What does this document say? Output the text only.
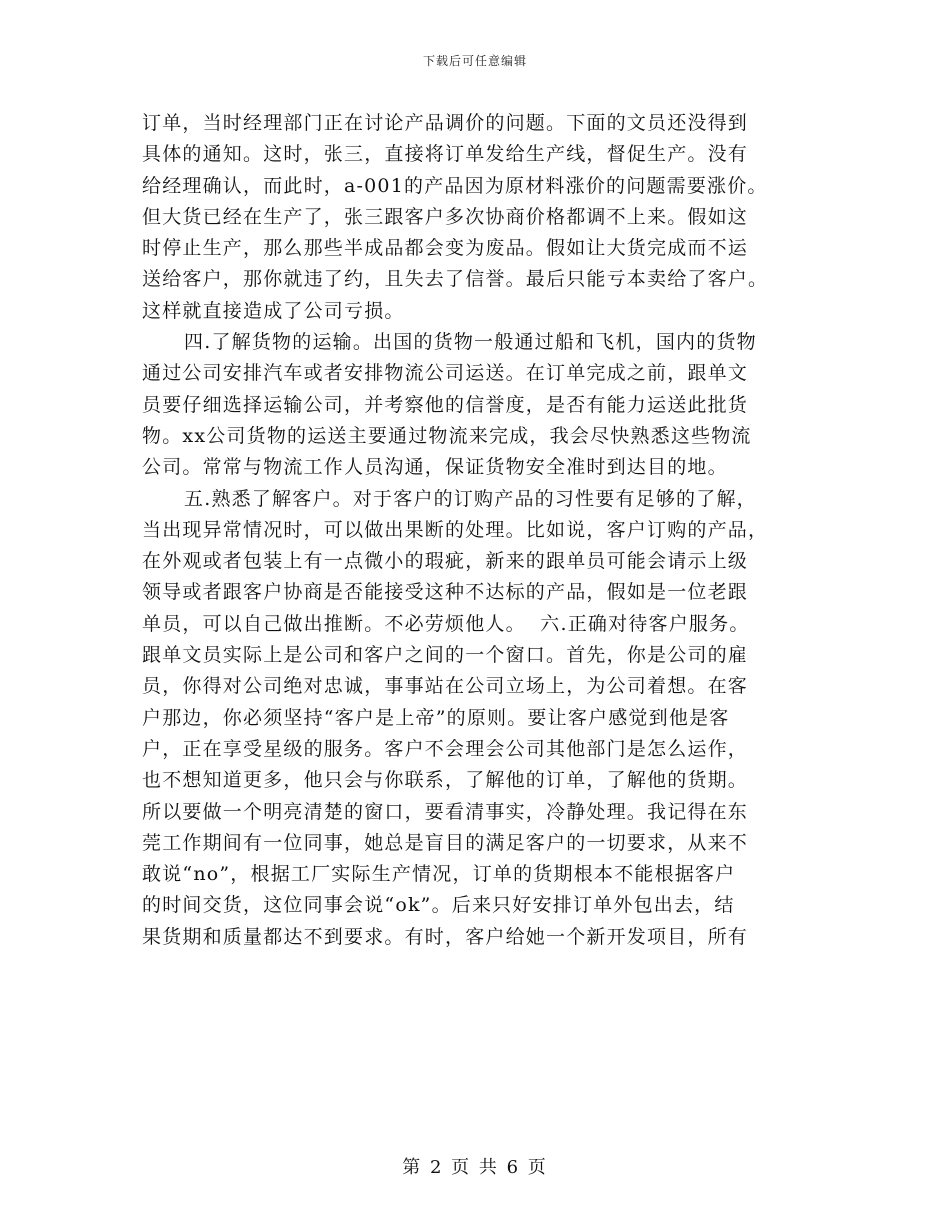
下载后可任意编辑
订单，当时经理部门正在讨论产品调价的问题。下面的文员还没得到
具体的通知。这时，张三，直接将订单发给生产线，督促生产。没有
给经理确认，而此时，a-001的产品因为原材料涨价的问题需要涨价。
但大货已经在生产了，张三跟客户多次协商价格都调不上来。假如这
时停止生产，那么那些半成品都会变为废品。假如让大货完成而不运
送给客户，那你就违了约，且失去了信誉。最后只能亏本卖给了客户。
这样就直接造成了公司亏损。
四.了解货物的运输。出国的货物一般通过船和飞机，国内的货物
通过公司安排汽车或者安排物流公司运送。在订单完成之前，跟单文
员要仔细选择运输公司，并考察他的信誉度，是否有能力运送此批货
物。xx公司货物的运送主要通过物流来完成，我会尽快熟悉这些物流
公司。常常与物流工作人员沟通，保证货物安全准时到达目的地。
五.熟悉了解客户。对于客户的订购产品的习性要有足够的了解，
当出现异常情况时，可以做出果断的处理。比如说，客户订购的产品，
在外观或者包装上有一点微小的瑕疵，新来的跟单员可能会请示上级
领导或者跟客户协商是否能接受这种不达标的产品，假如是一位老跟
单员，可以自己做出推断。不必劳烦他人。  六.正确对待客户服务。
跟单文员实际上是公司和客户之间的一个窗口。首先，你是公司的雇
员，你得对公司绝对忠诚，事事站在公司立场上，为公司着想。在客
户那边，你必须坚持“客户是上帝”的原则。要让客户感觉到他是客
户，正在享受星级的服务。客户不会理会公司其他部门是怎么运作，
也不想知道更多，他只会与你联系，了解他的订单，了解他的货期。
所以要做一个明亮清楚的窗口，要看清事实，冷静处理。我记得在东
莞工作期间有一位同事，她总是盲目的满足客户的一切要求，从来不
敢说“no”，根据工厂实际生产情况，订单的货期根本不能根据客户
的时间交货，这位同事会说“ok”。后来只好安排订单外包出去，结
果货期和质量都达不到要求。有时，客户给她一个新开发项目，所有
第 2 页 共 6 页
